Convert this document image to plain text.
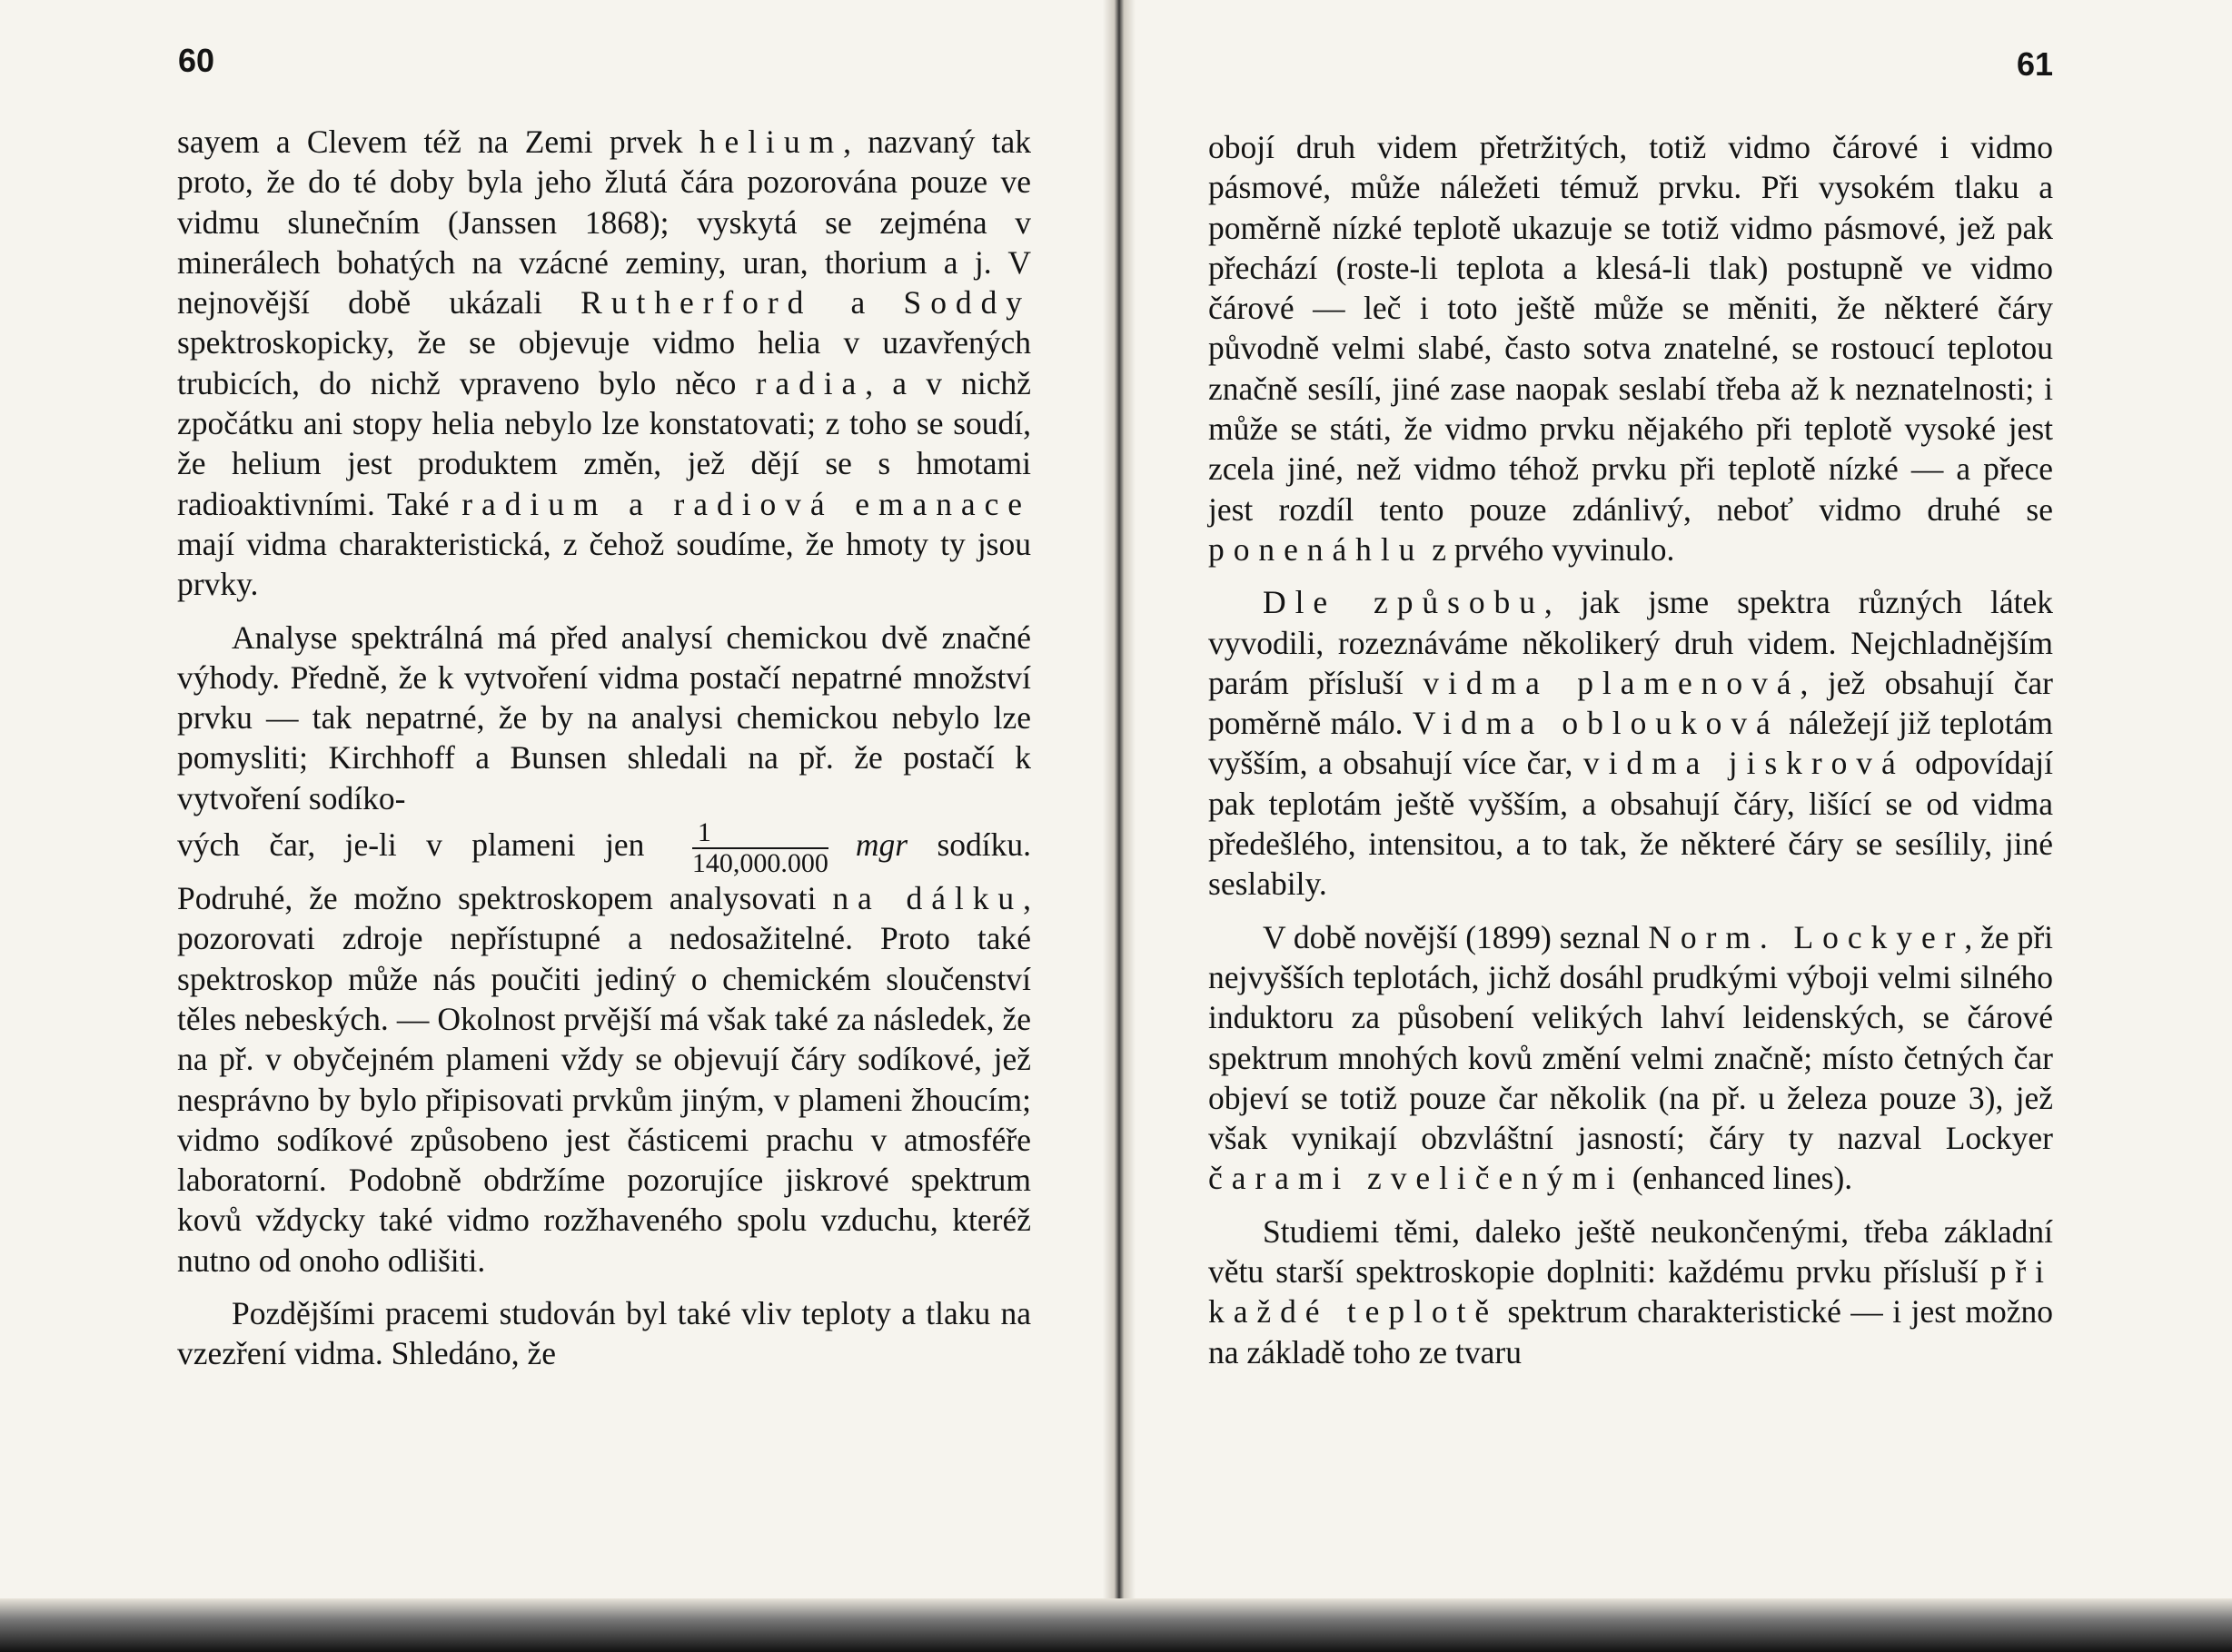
60

sayem a Clevem též na Zemi prvek helium, nazvaný tak proto, že do té doby byla jeho žlutá čára pozorována pouze ve vidmu slunečním (Janssen 1868); vyskytá se zejména v minerálech bohatých na vzácné zeminy, uran, thorium a j. V nejnovější době ukázali Rutherford a Soddy spektroskopicky, že se objevuje vidmo helia v uzavřených trubicích, do nichž vpraveno bylo něco radia, a v nichž zpočátku ani stopy helia nebylo lze konstatovati; z toho se soudí, že helium jest produktem změn, jež dějí se s hmotami radioaktivními. Také radium a radiová emanace mají vidma charakteristická, z čehož soudíme, že hmoty ty jsou prvky.

Analyse spektrálná má před analysí chemickou dvě značné výhody. Předně, že k vytvoření vidma postačí nepatrné množství prvku — tak nepatrné, že by na analysi chemickou nebylo lze pomysliti; Kirchhoff a Bunsen shledali na př. že postačí k vytvoření sodíko-

vých čar, je-li v plameni jen $\frac{1}{140,000.000}$ mgr sodíku.

Podruhé, že možno spektroskopem analysovati na dálku, pozorovati zdroje nepřístupné a nedosažitelné. Proto také spektroskop může nás poučiti jediný o chemickém sloučenství těles nebeských. — Okolnost prvější má však také za následek, že na př. v obyčejném plameni vždy se objevují čáry sodíkové, jež nesprávno by bylo připisovati prvkům jiným, v plameni žhoucím; vidmo sodíkové způsobeno jest částicemi prachu v atmosféře laboratorní. Podobně obdržíme pozorujíce jiskrové spektrum kovů vždycky také vidmo rozžhaveného spolu vzduchu, kteréž nutno od onoho odlišiti.

Pozdějšími pracemi studován byl také vliv teploty a tlaku na vzezření vidma. Shledáno, že

61

obojí druh videm přetržitých, totiž vidmo čárové i vidmo pásmové, může náležeti témuž prvku. Při vysokém tlaku a poměrně nízké teplotě ukazuje se totiž vidmo pásmové, jež pak přechází (roste-li teplota a klesá-li tlak) postupně ve vidmo čárové — leč i toto ještě může se měniti, že některé čáry původně velmi slabé, často sotva znatelné, se rostoucí teplotou značně sesílí, jiné zase naopak seslabí třeba až k neznatelnosti; i může se státi, že vidmo prvku nějakého při teplotě vysoké jest zcela jiné, než vidmo téhož prvku při teplotě nízké — a přece jest rozdíl tento pouze zdánlivý, neboť vidmo druhé se ponenáhlu z prvého vyvinulo.

Dle způsobu, jak jsme spektra různých látek vyvodili, rozeznáváme několikerý druh videm. Nejchladnějším parám přísluší vidma plamenová, jež obsahují čar poměrně málo. Vidma oblouková náležejí již teplotám vyšším, a obsahují více čar, vidma jiskrová odpovídají pak teplotám ještě vyšším, a obsahují čáry, lišící se od vidma předešlého, intensitou, a to tak, že některé čáry se sesílily, jiné seslabily.

V době novější (1899) seznal Norm. Lockyer, že při nejvyšších teplotách, jichž dosáhl prudkými výboji velmi silného induktoru za působení velikých lahví leidenských, se čárové spektrum mnohých kovů změní velmi značně; místo četných čar objeví se totiž pouze čar několik (na př. u železa pouze 3), jež však vynikají obzvláštní jasností; čáry ty nazval Lockyer čarami zveličenými (enhanced lines).

Studiemi těmi, daleko ještě neukončenými, třeba základní větu starší spektroskopie doplniti: každému prvku přísluší při každé teplotě spektrum charakteristické — i jest možno na základě toho ze tvaru
